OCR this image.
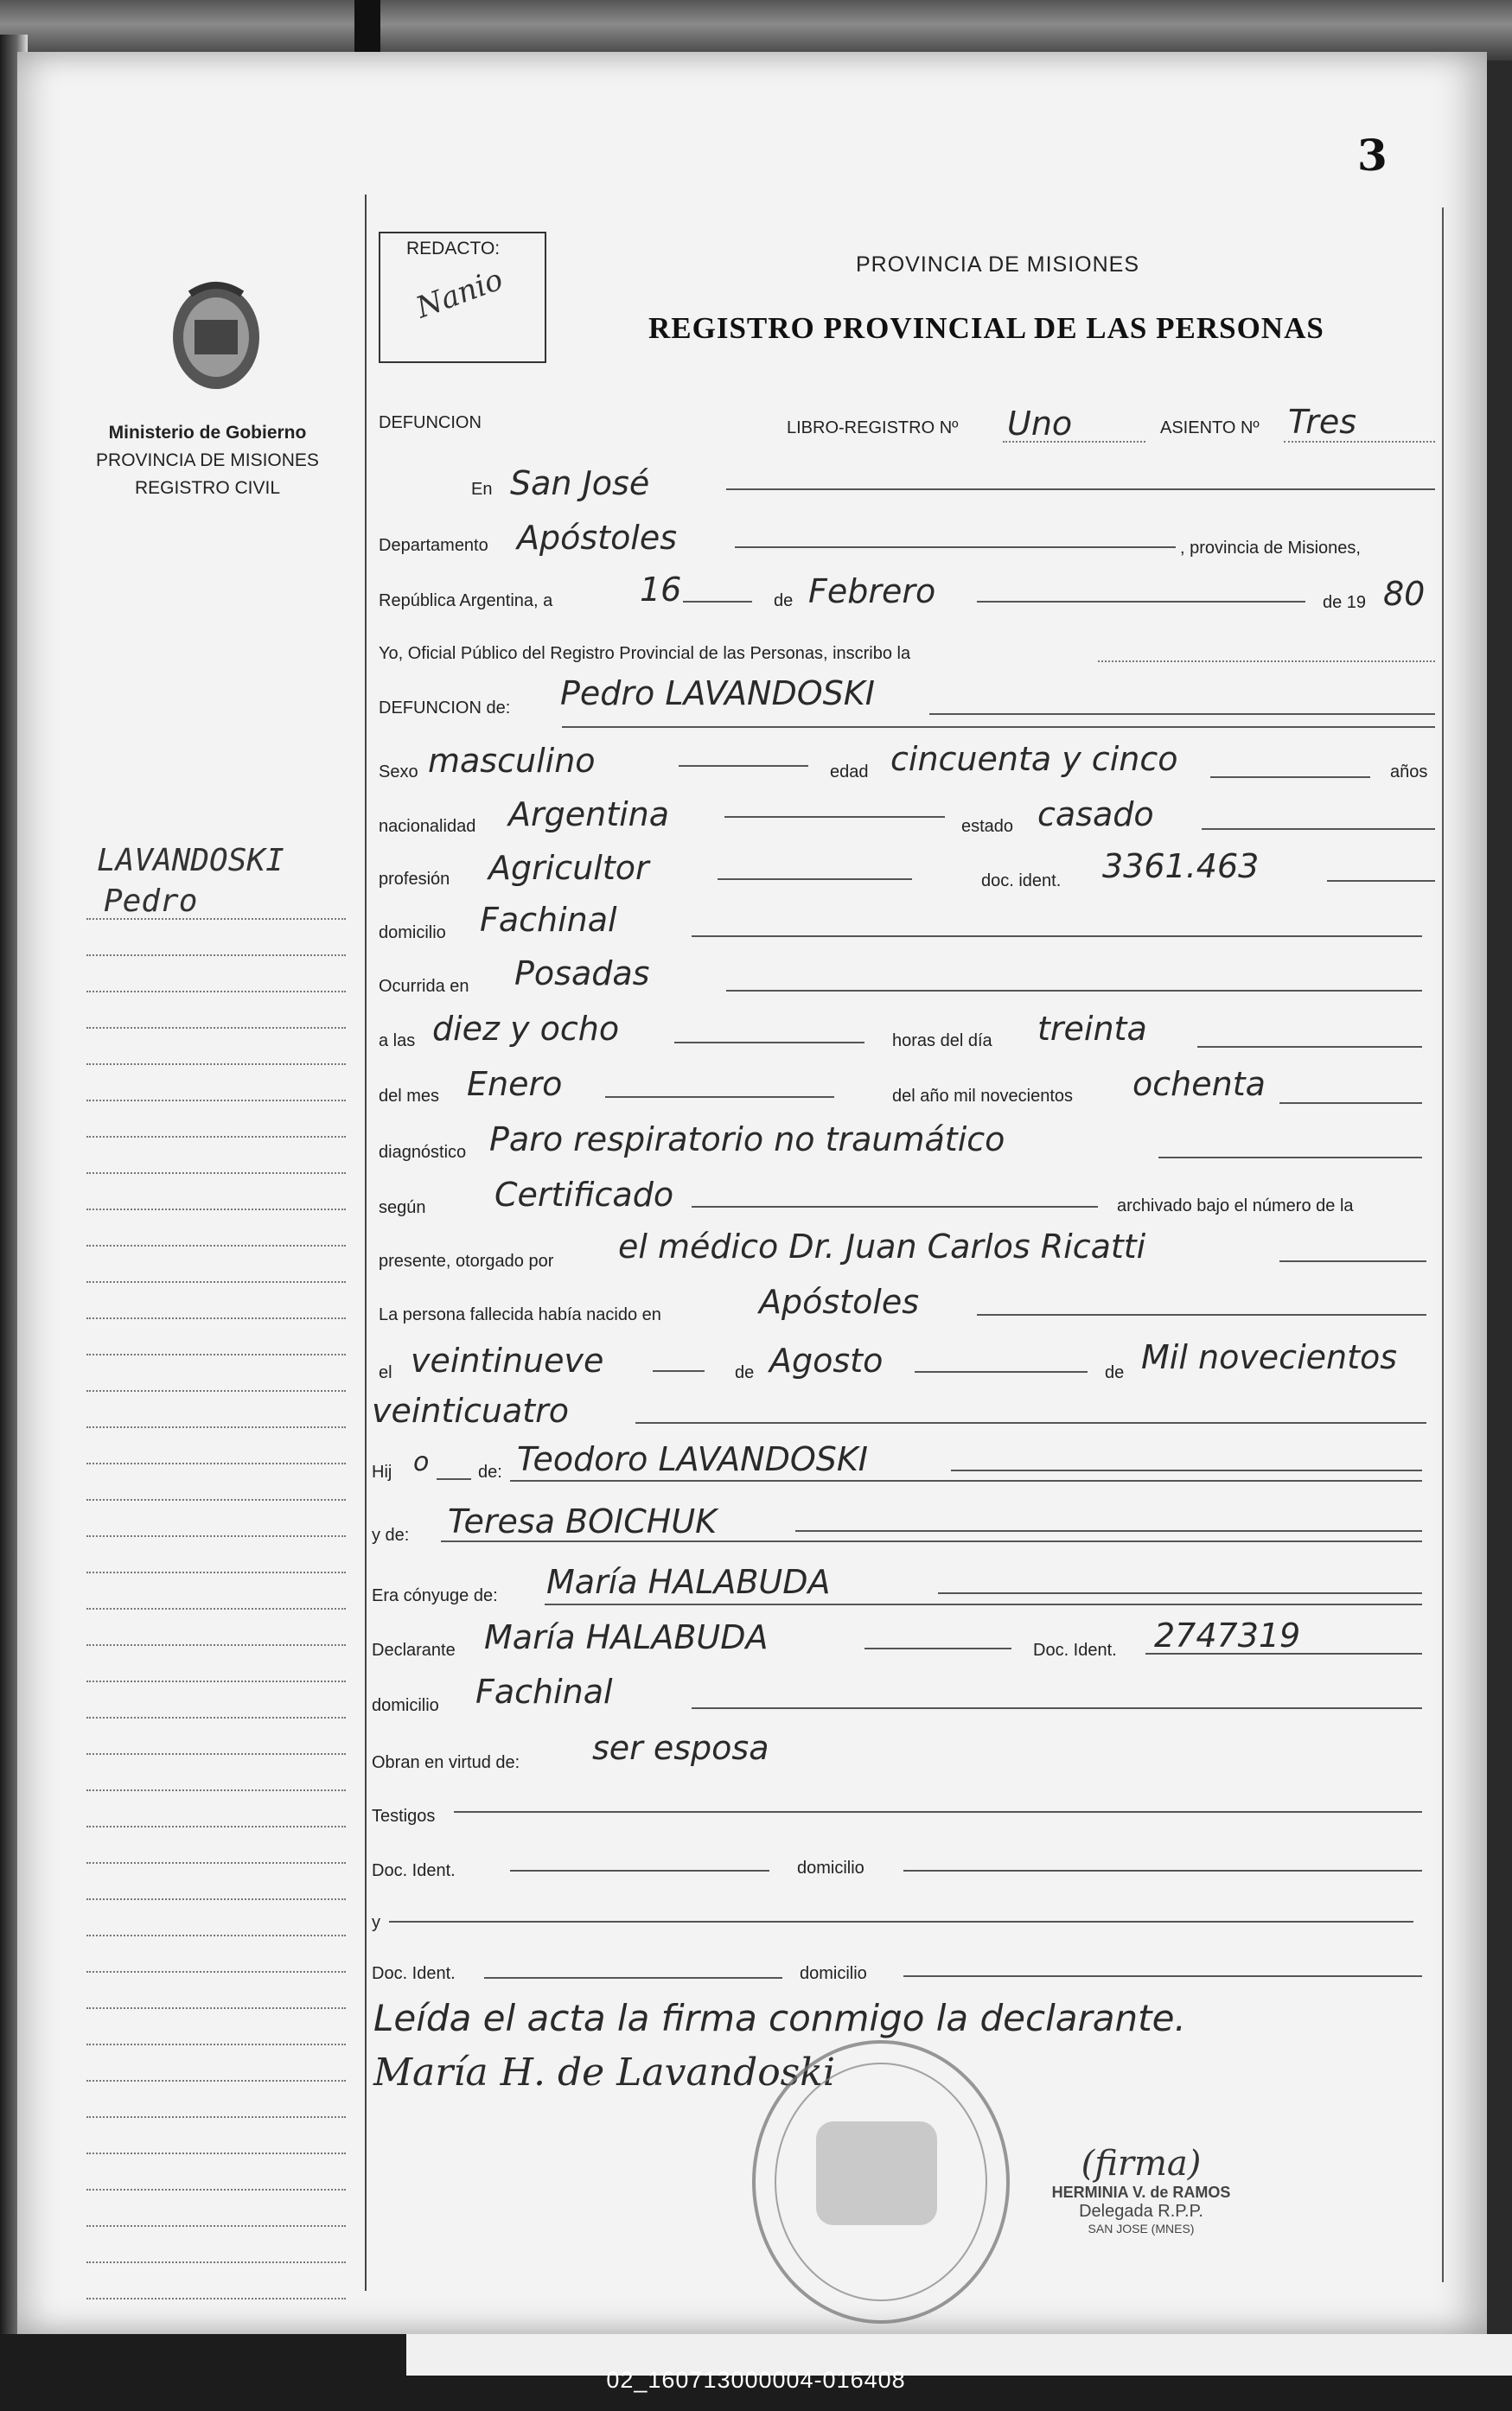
3
Ministerio de Gobierno
PROVINCIA DE MISIONES
REGISTRO CIVIL
LAVANDOSKI
Pedro
REDACTO:
Nanio	PROVINCIA DE MISIONES
REGISTRO PROVINCIAL DE LAS PERSONAS
DEFUNCION	LIBRO-REGISTRO Nº Uno	ASIENTO Nº Tres
En San José
Departamento Apóstoles	, provincia de Misiones,
República Argentina, a	16	de Febrero	de 19 80
Yo, Oficial Público del Registro Provincial de las Personas, inscribo la
DEFUNCION de: Pedro LAVANDOSKI
Sexo masculino	edad cincuenta y cinco	años
nacionalidad Argentina	estado casado
profesión Agricultor	doc. ident. 3361.463
domicilio Fachinal
Ocurrida en Posadas
a las diez y ocho	horas del día treinta
del mes Enero	del año mil novecientos ochenta
diagnóstico Paro respiratorio no traumático
según Certificado	archivado bajo el número de la
presente, otorgado por el médico Dr. Juan Carlos Ricatti
La persona fallecida había nacido en	Apóstoles
el veintinueve	de Agosto	de Mil novecientos
veinticuatro
Hij o	de: Teodoro LAVANDOSKI
y de: Teresa BOICHUK
Era cónyuge de: María HALABUDA
Declarante María HALABUDA	Doc. Ident. 2747319
domicilio Fachinal
Obran en virtud de: ser esposa
Testigos
Doc. Ident.	domicilio
y
Doc. Ident.	domicilio
Leída el acta la firma conmigo la declarante.
María H. de Lavandoski
(firma)
HERMINIA V. de RAMOS
Delegada R.P.P.
SAN JOSE (MNES)
02_160713000004-016408
